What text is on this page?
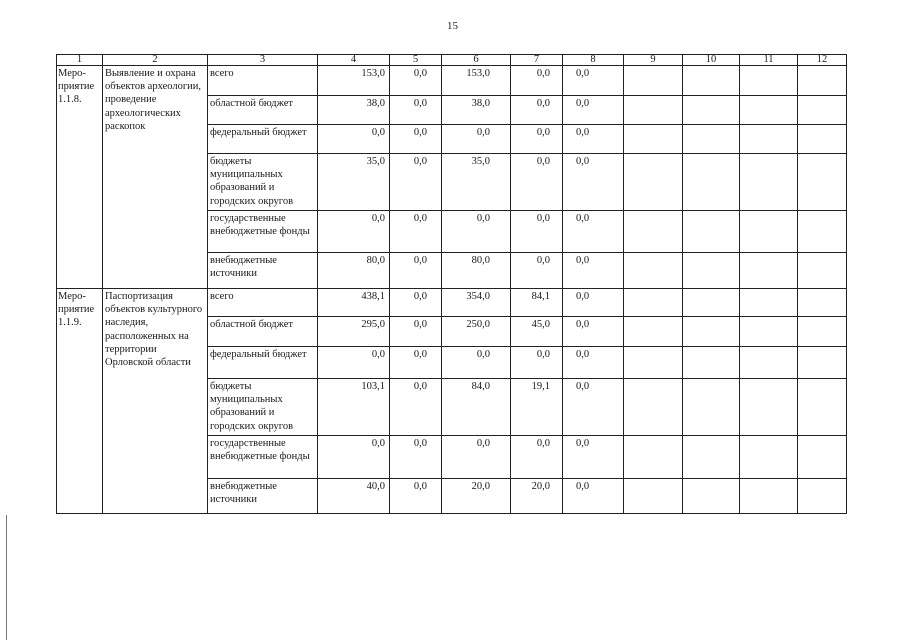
15
1	2	3	4	5	6	7	8	9	10	11	12
Меро-приятие 1.1.8.	Выявление и охрана объектов археологии, проведение археологических раскопок	всего	153,0	0,0	153,0	0,0	0,0				
		областной бюджет	38,0	0,0	38,0	0,0	0,0				
		федеральный бюджет	0,0	0,0	0,0	0,0	0,0				
		бюджеты муниципальных образований и городских округов	35,0	0,0	35,0	0,0	0,0				
		государственные внебюджетные фонды	0,0	0,0	0,0	0,0	0,0				
		внебюджетные источники	80,0	0,0	80,0	0,0	0,0				
Меро-приятие 1.1.9.	Паспортизация объектов культурного наследия, расположенных на территории Орловской области	всего	438,1	0,0	354,0	84,1	0,0				
		областной бюджет	295,0	0,0	250,0	45,0	0,0				
		федеральный бюджет	0,0	0,0	0,0	0,0	0,0				
		бюджеты муниципальных образований и городских округов	103,1	0,0	84,0	19,1	0,0				
		государственные внебюджетные фонды	0,0	0,0	0,0	0,0	0,0				
		внебюджетные источники	40,0	0,0	20,0	20,0	0,0				
